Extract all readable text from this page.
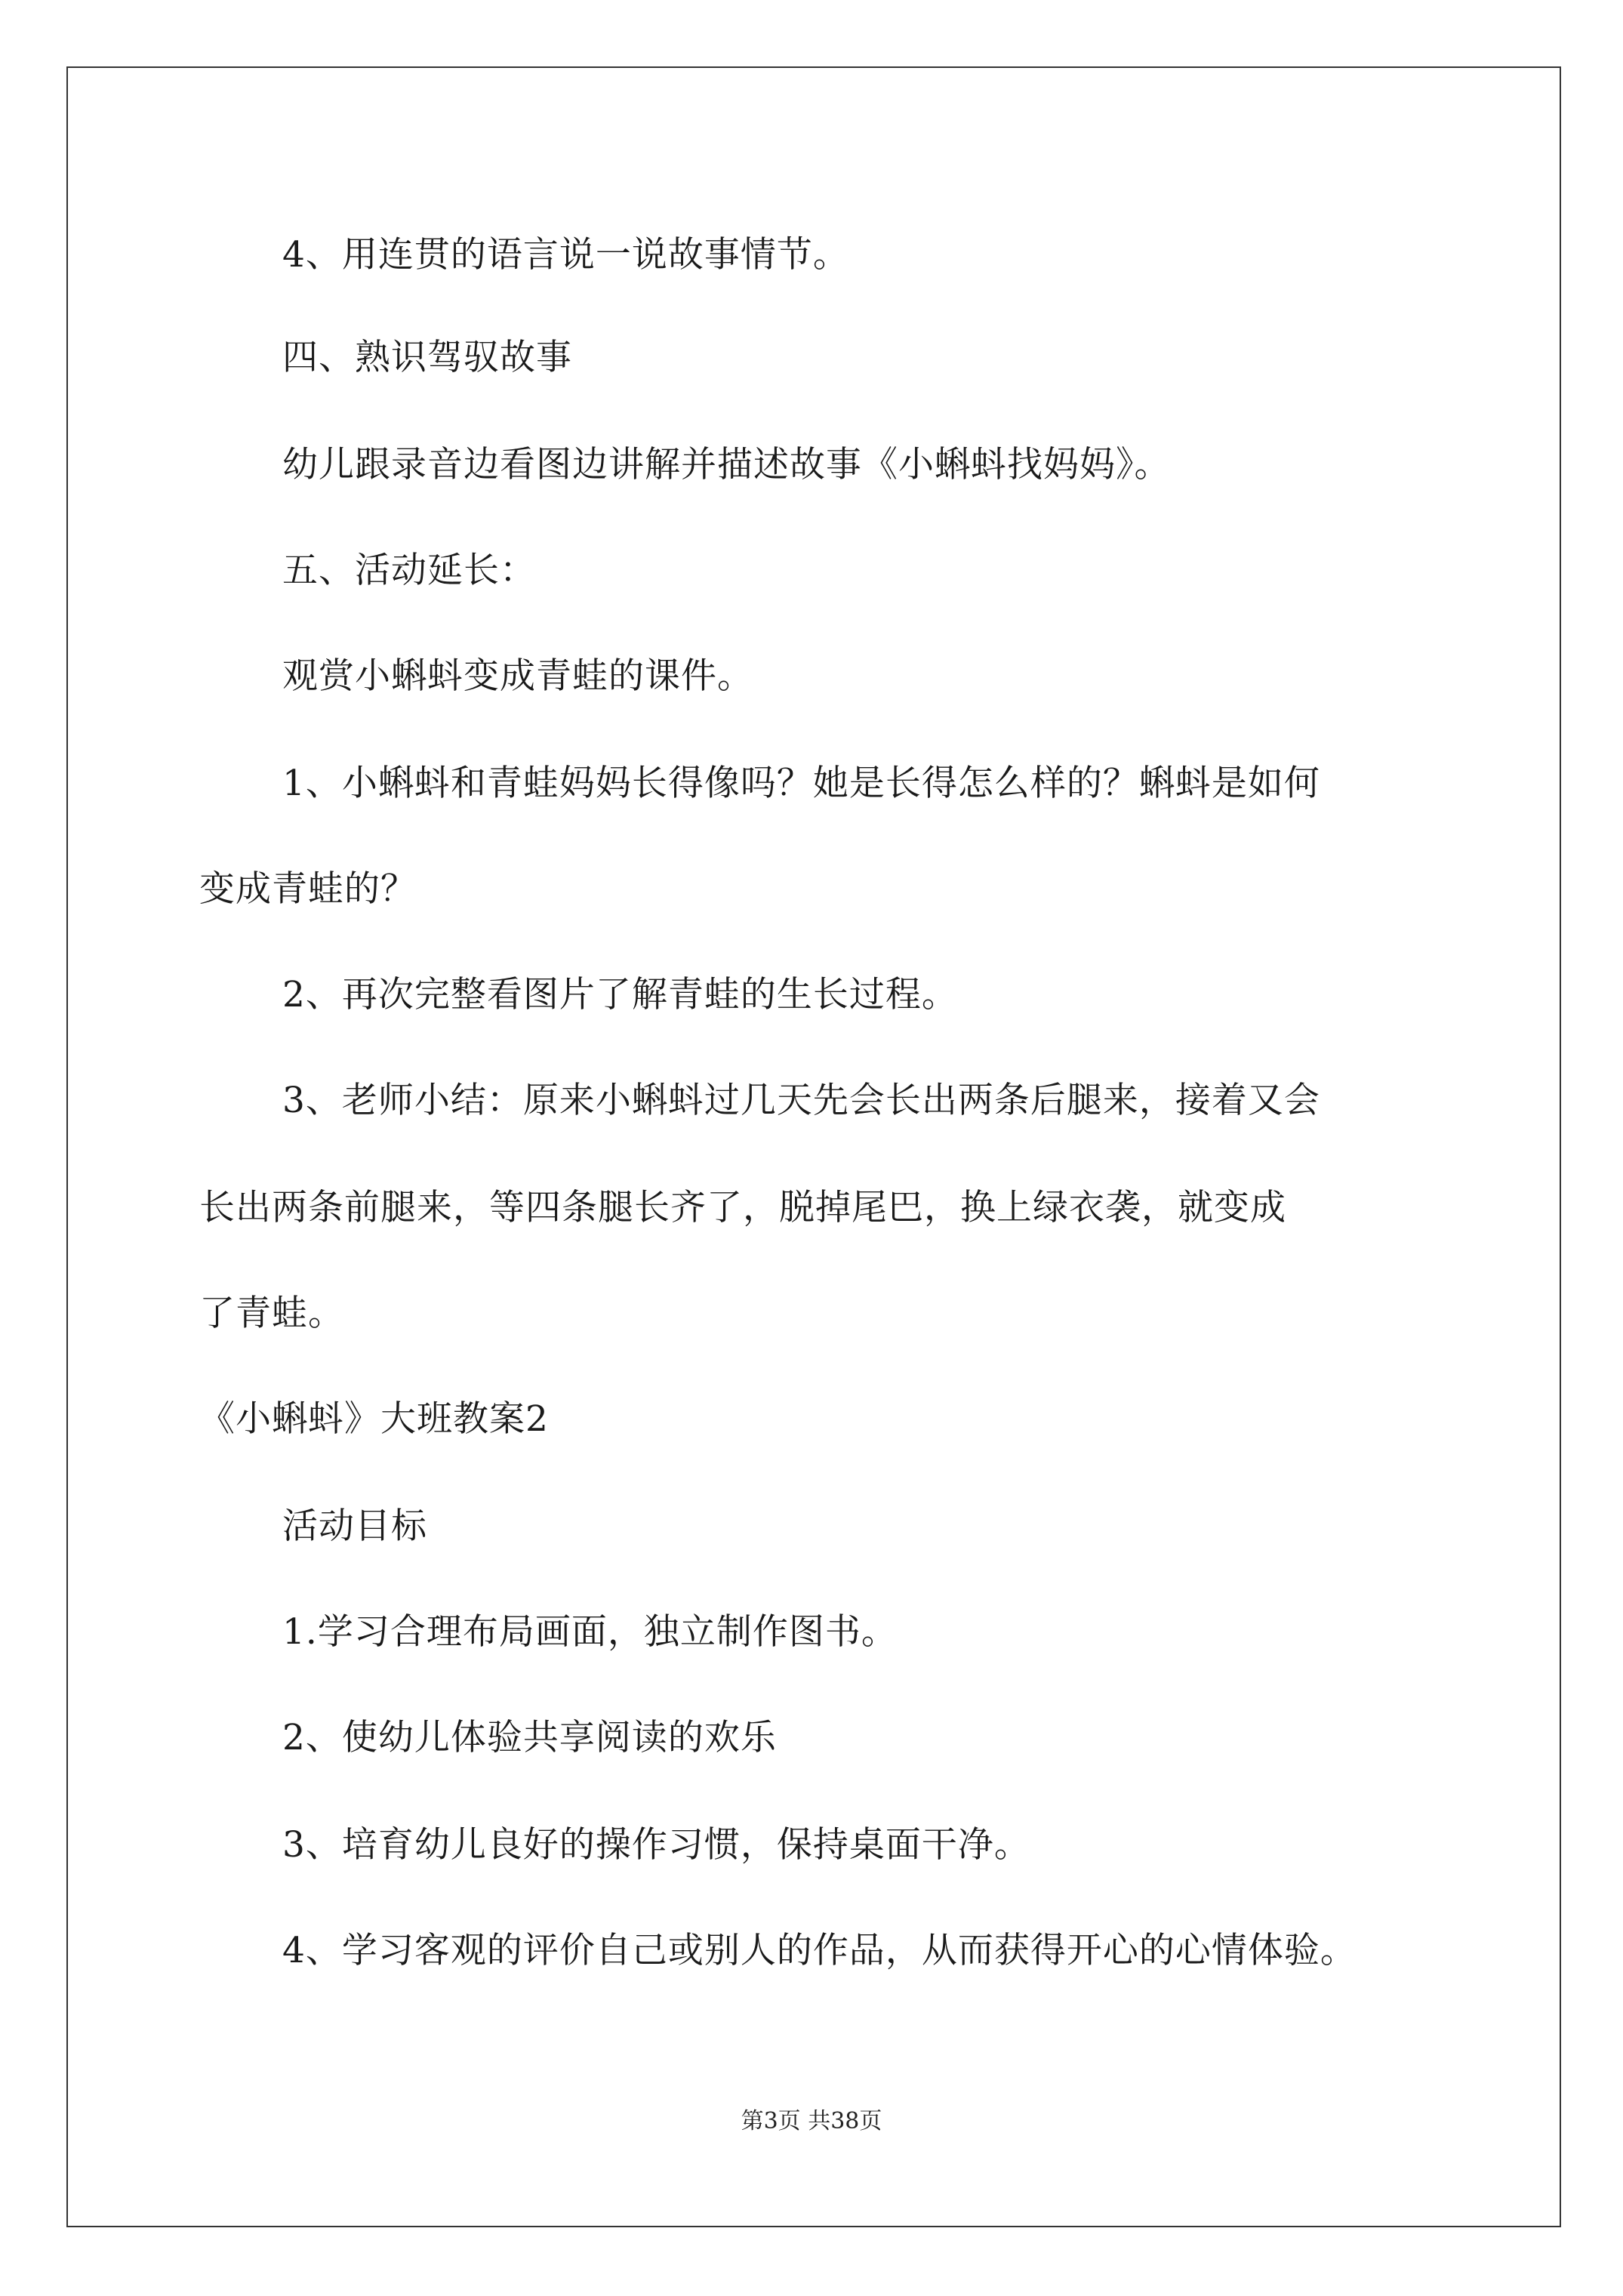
4、用连贯的语言说一说故事情节。
四、熟识驾驭故事
幼儿跟录音边看图边讲解并描述故事《小蝌蚪找妈妈》。
五、活动延长：
观赏小蝌蚪变成青蛙的课件。
1、小蝌蚪和青蛙妈妈长得像吗？她是长得怎么样的？蝌蚪是如何
变成青蛙的？
2、再次完整看图片了解青蛙的生长过程。
3、老师小结：原来小蝌蚪过几天先会长出两条后腿来，接着又会
长出两条前腿来，等四条腿长齐了，脱掉尾巴，换上绿衣袭，就变成
了青蛙。
《小蝌蚪》大班教案2
活动目标
1.学习合理布局画面，独立制作图书。
2、使幼儿体验共享阅读的欢乐
3、培育幼儿良好的操作习惯，保持桌面干净。
4、学习客观的评价自己或别人的作品，从而获得开心的心情体验。
第3页 共38页
